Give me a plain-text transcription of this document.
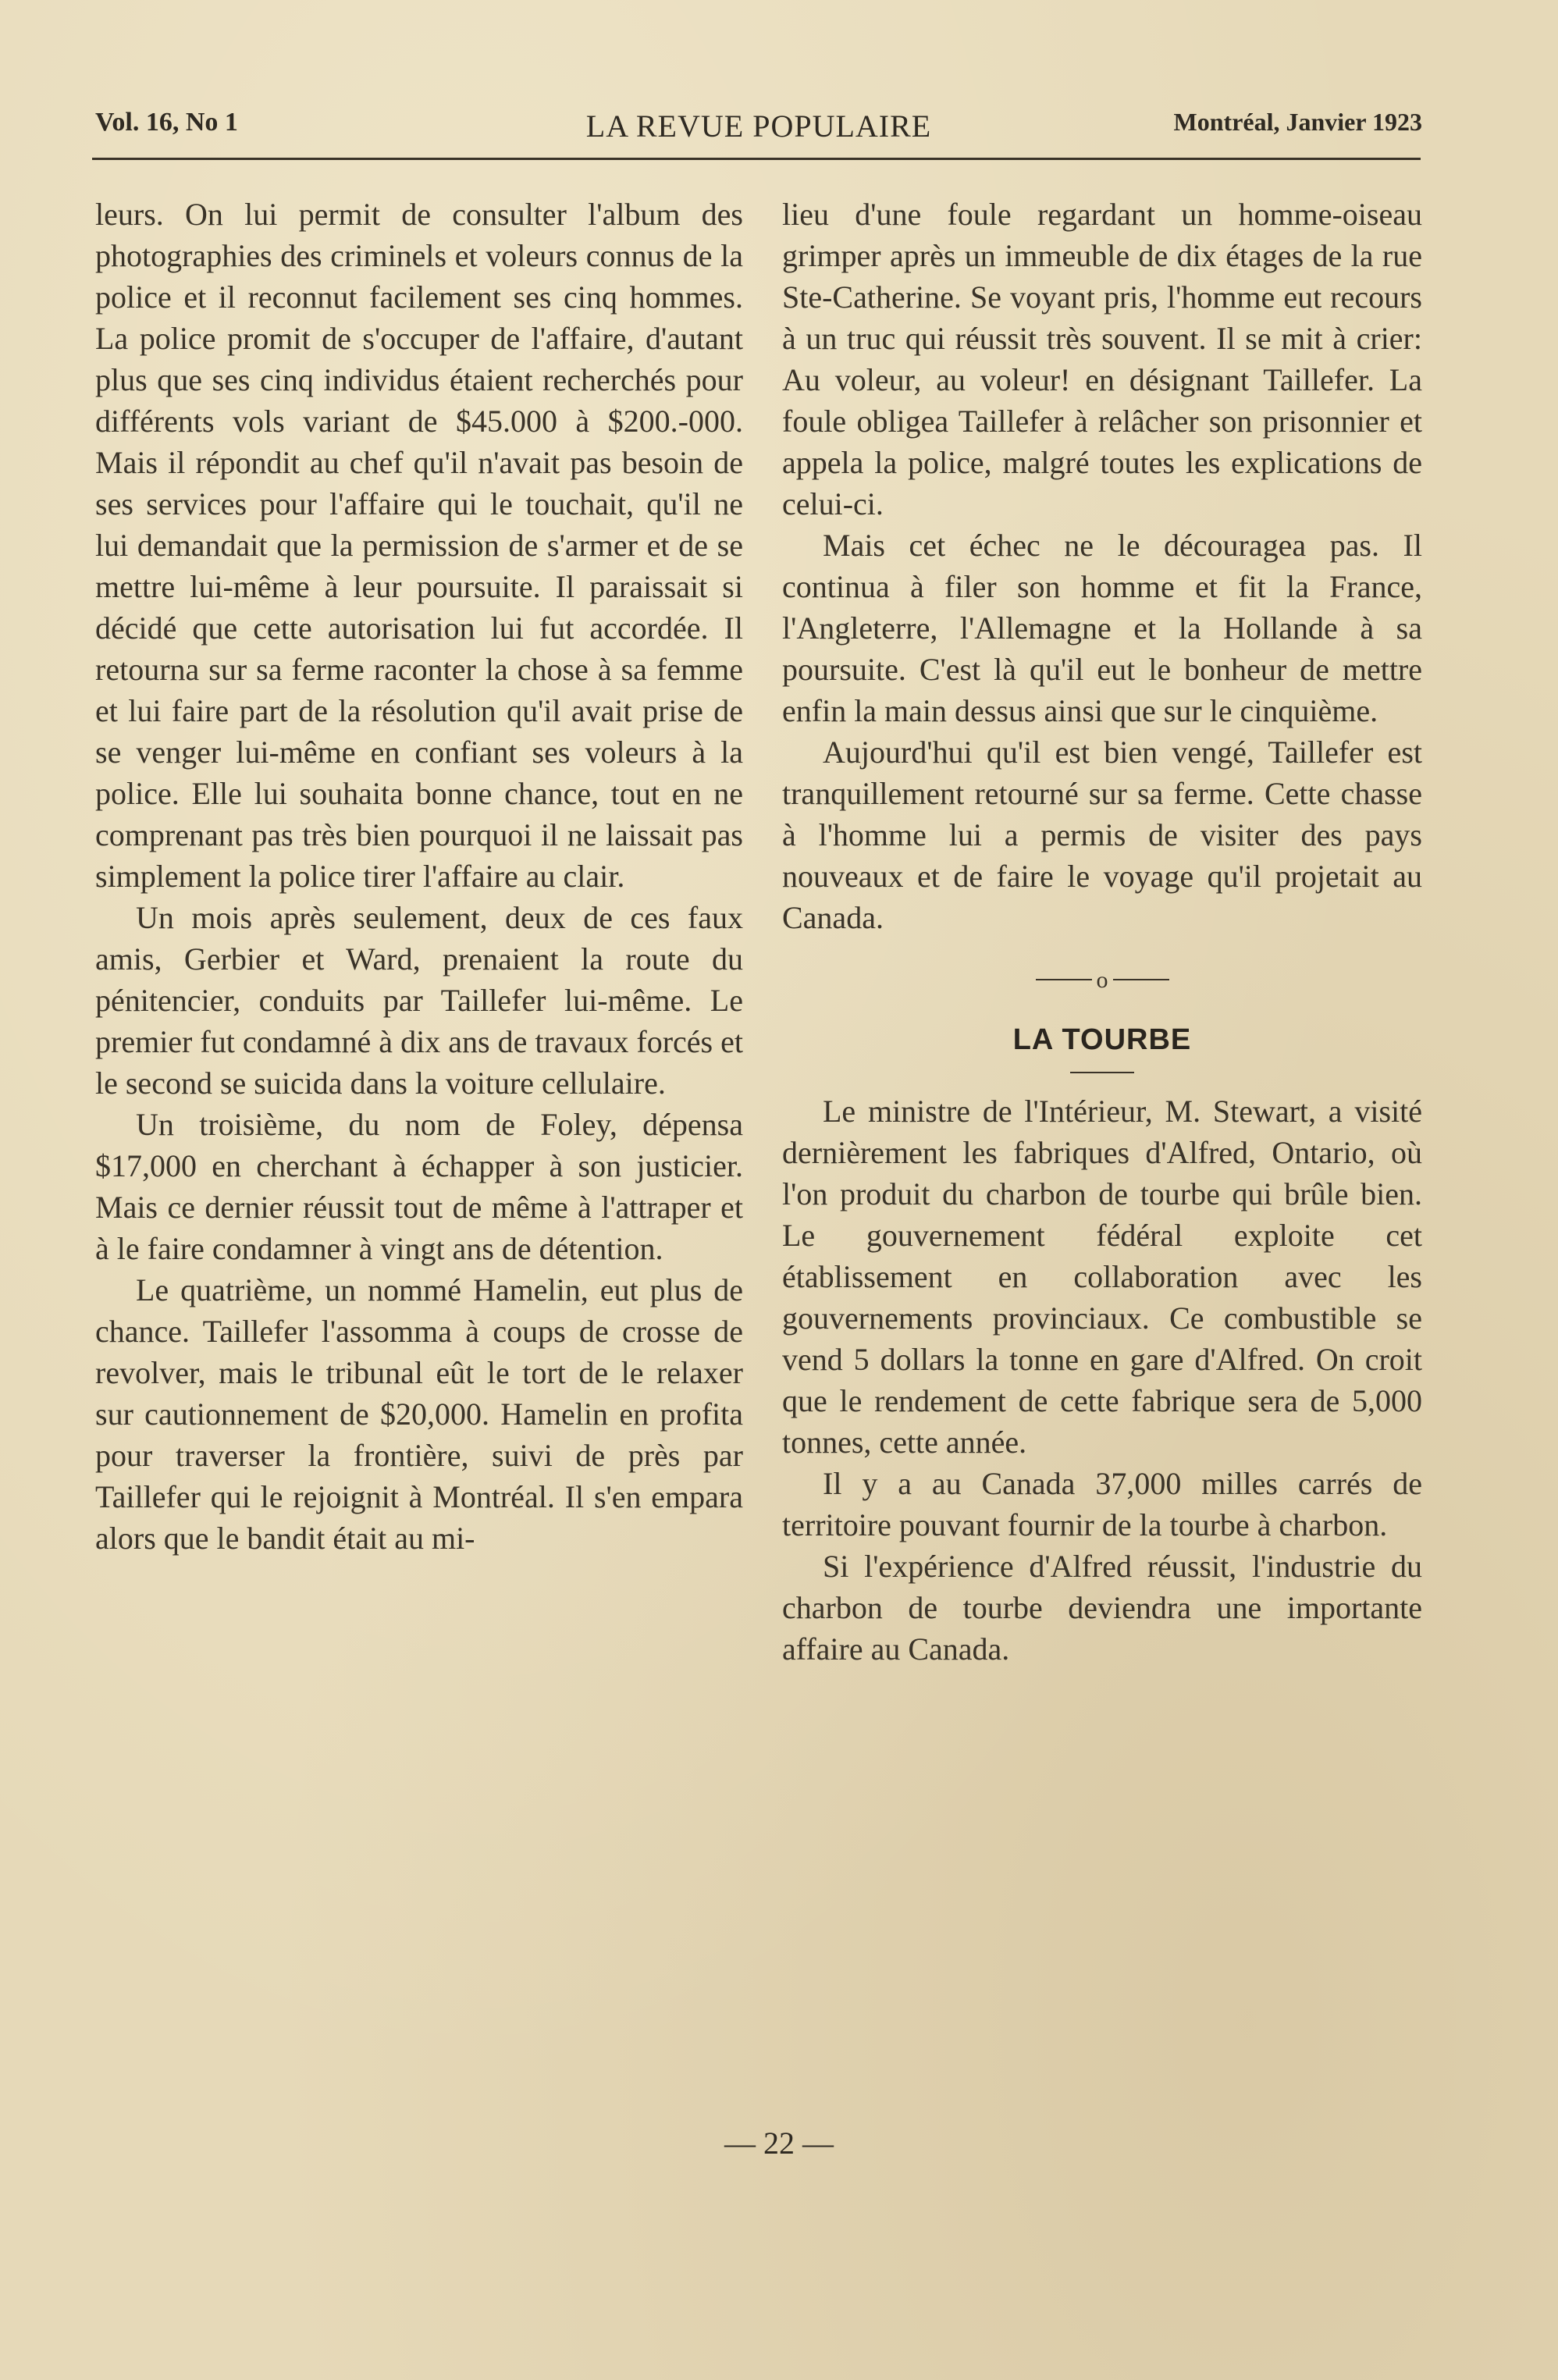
Vol. 16, No 1	LA REVUE POPULAIRE	Montréal, Janvier 1923

leurs. On lui permit de consulter l'album des photographies des criminels et voleurs connus de la police et il reconnut facilement ses cinq hommes. La police promit de s'occuper de l'affaire, d'autant plus que ses cinq individus étaient recherchés pour différents vols variant de $45.000 à $200.-000. Mais il répondit au chef qu'il n'avait pas besoin de ses services pour l'affaire qui le touchait, qu'il ne lui demandait que la permission de s'armer et de se mettre lui-même à leur poursuite. Il paraissait si décidé que cette autorisation lui fut accordée. Il retourna sur sa ferme raconter la chose à sa femme et lui faire part de la résolution qu'il avait prise de se venger lui-même en confiant ses voleurs à la police. Elle lui souhaita bonne chance, tout en ne comprenant pas très bien pourquoi il ne laissait pas simplement la police tirer l'affaire au clair.

Un mois après seulement, deux de ces faux amis, Gerbier et Ward, prenaient la route du pénitencier, conduits par Taillefer lui-même. Le premier fut condamné à dix ans de travaux forcés et le second se suicida dans la voiture cellulaire.

Un troisième, du nom de Foley, dépensa $17,000 en cherchant à échapper à son justicier. Mais ce dernier réussit tout de même à l'attraper et à le faire condamner à vingt ans de détention.

Le quatrième, un nommé Hamelin, eut plus de chance. Taillefer l'assomma à coups de crosse de revolver, mais le tribunal eût le tort de le relaxer sur cautionnement de $20,000. Hamelin en profita pour traverser la frontière, suivi de près par Taillefer qui le rejoignit à Montréal. Il s'en empara alors que le bandit était au mi-

lieu d'une foule regardant un homme-oiseau grimper après un immeuble de dix étages de la rue Ste-Catherine. Se voyant pris, l'homme eut recours à un truc qui réussit très souvent. Il se mit à crier: Au voleur, au voleur! en désignant Taillefer. La foule obligea Taillefer à relâcher son prisonnier et appela la police, malgré toutes les explications de celui-ci.

Mais cet échec ne le découragea pas. Il continua à filer son homme et fit la France, l'Angleterre, l'Allemagne et la Hollande à sa poursuite. C'est là qu'il eut le bonheur de mettre enfin la main dessus ainsi que sur le cinquième.

Aujourd'hui qu'il est bien vengé, Taillefer est tranquillement retourné sur sa ferme. Cette chasse à l'homme lui a permis de visiter des pays nouveaux et de faire le voyage qu'il projetait au Canada.

o
LA TOURBE

Le ministre de l'Intérieur, M. Stewart, a visité dernièrement les fabriques d'Alfred, Ontario, où l'on produit du charbon de tourbe qui brûle bien. Le gouvernement fédéral exploite cet établissement en collaboration avec les gouvernements provinciaux. Ce combustible se vend 5 dollars la tonne en gare d'Alfred. On croit que le rendement de cette fabrique sera de 5,000 tonnes, cette année.

Il y a au Canada 37,000 milles carrés de territoire pouvant fournir de la tourbe à charbon.

Si l'expérience d'Alfred réussit, l'industrie du charbon de tourbe deviendra une importante affaire au Canada.

— 22 —
